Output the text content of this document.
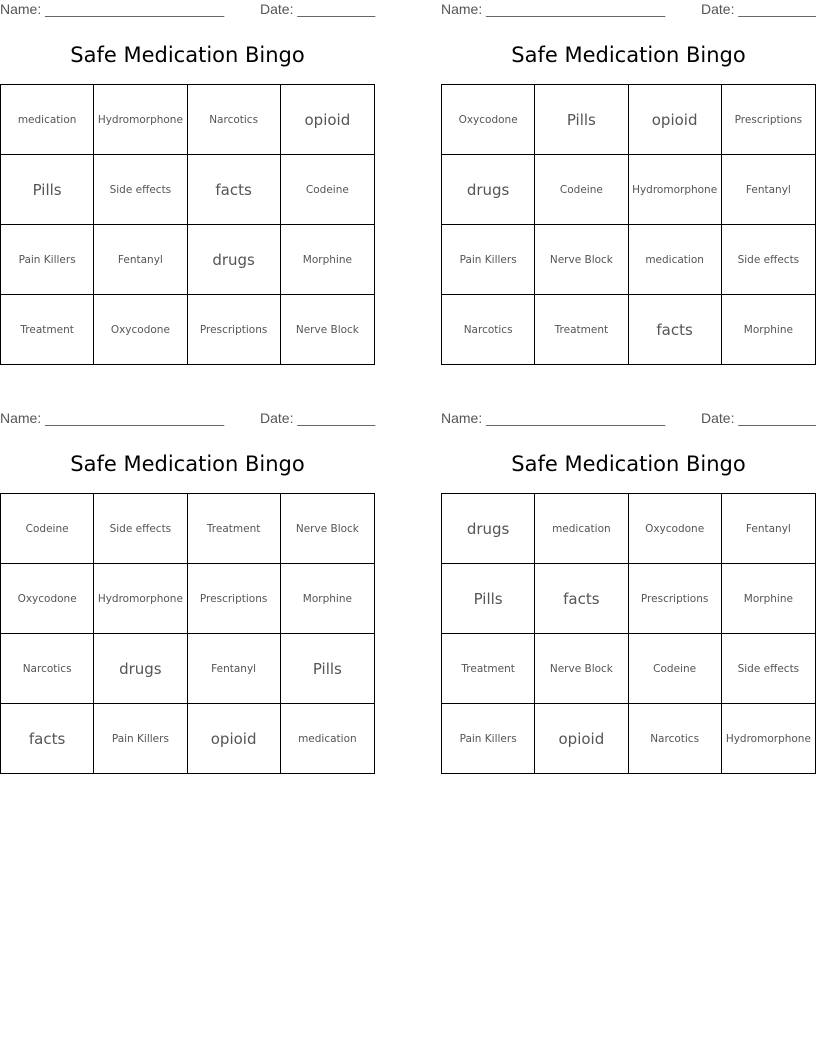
Name: _______________________	Date: __________
Safe Medication Bingo
medication	Hydromorphone	Narcotics	opioid
Pills	Side effects	facts	Codeine
Pain Killers	Fentanyl	drugs	Morphine
Treatment	Oxycodone	Prescriptions	Nerve Block
Name: _______________________	Date: __________
Safe Medication Bingo
Oxycodone	Pills	opioid	Prescriptions
drugs	Codeine	Hydromorphone	Fentanyl
Pain Killers	Nerve Block	medication	Side effects
Narcotics	Treatment	facts	Morphine
Name: _______________________	Date: __________
Safe Medication Bingo
Codeine	Side effects	Treatment	Nerve Block
Oxycodone	Hydromorphone	Prescriptions	Morphine
Narcotics	drugs	Fentanyl	Pills
facts	Pain Killers	opioid	medication
Name: _______________________	Date: __________
Safe Medication Bingo
drugs	medication	Oxycodone	Fentanyl
Pills	facts	Prescriptions	Morphine
Treatment	Nerve Block	Codeine	Side effects
Pain Killers	opioid	Narcotics	Hydromorphone
